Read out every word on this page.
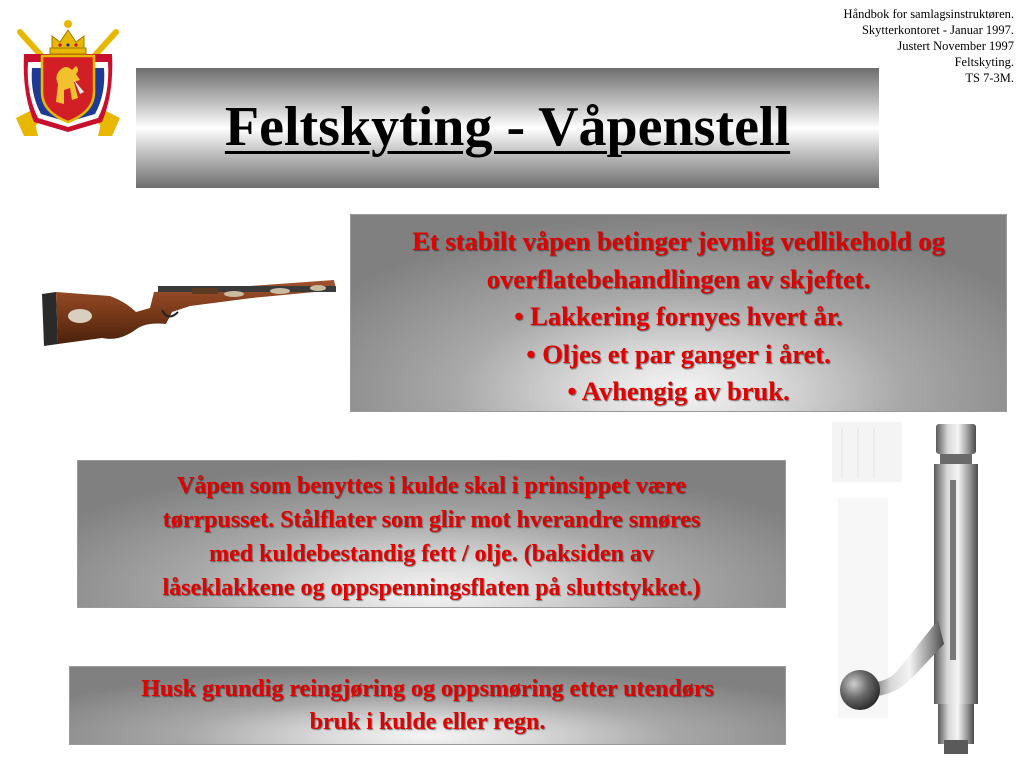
Håndbok for samlagsinstruktøren.
Skytterkontoret - Januar 1997.
Justert November 1997
Feltskyting.
TS 7-3M.
Feltskyting - Våpenstell
Et stabilt våpen betinger jevnlig vedlikehold og
overflatebehandlingen av skjeftet.
• Lakkering fornyes hvert år.
• Oljes et par ganger i året.
• Avhengig av bruk.
Våpen som benyttes i kulde skal i prinsippet være
tørrpusset. Stålflater som glir mot hverandre smøres
med kuldebestandig fett / olje. (baksiden av
låseklakkene og oppspenningsflaten på sluttstykket.)
Husk grundig reingjøring og oppsmøring etter utendørs
bruk i kulde eller regn.
